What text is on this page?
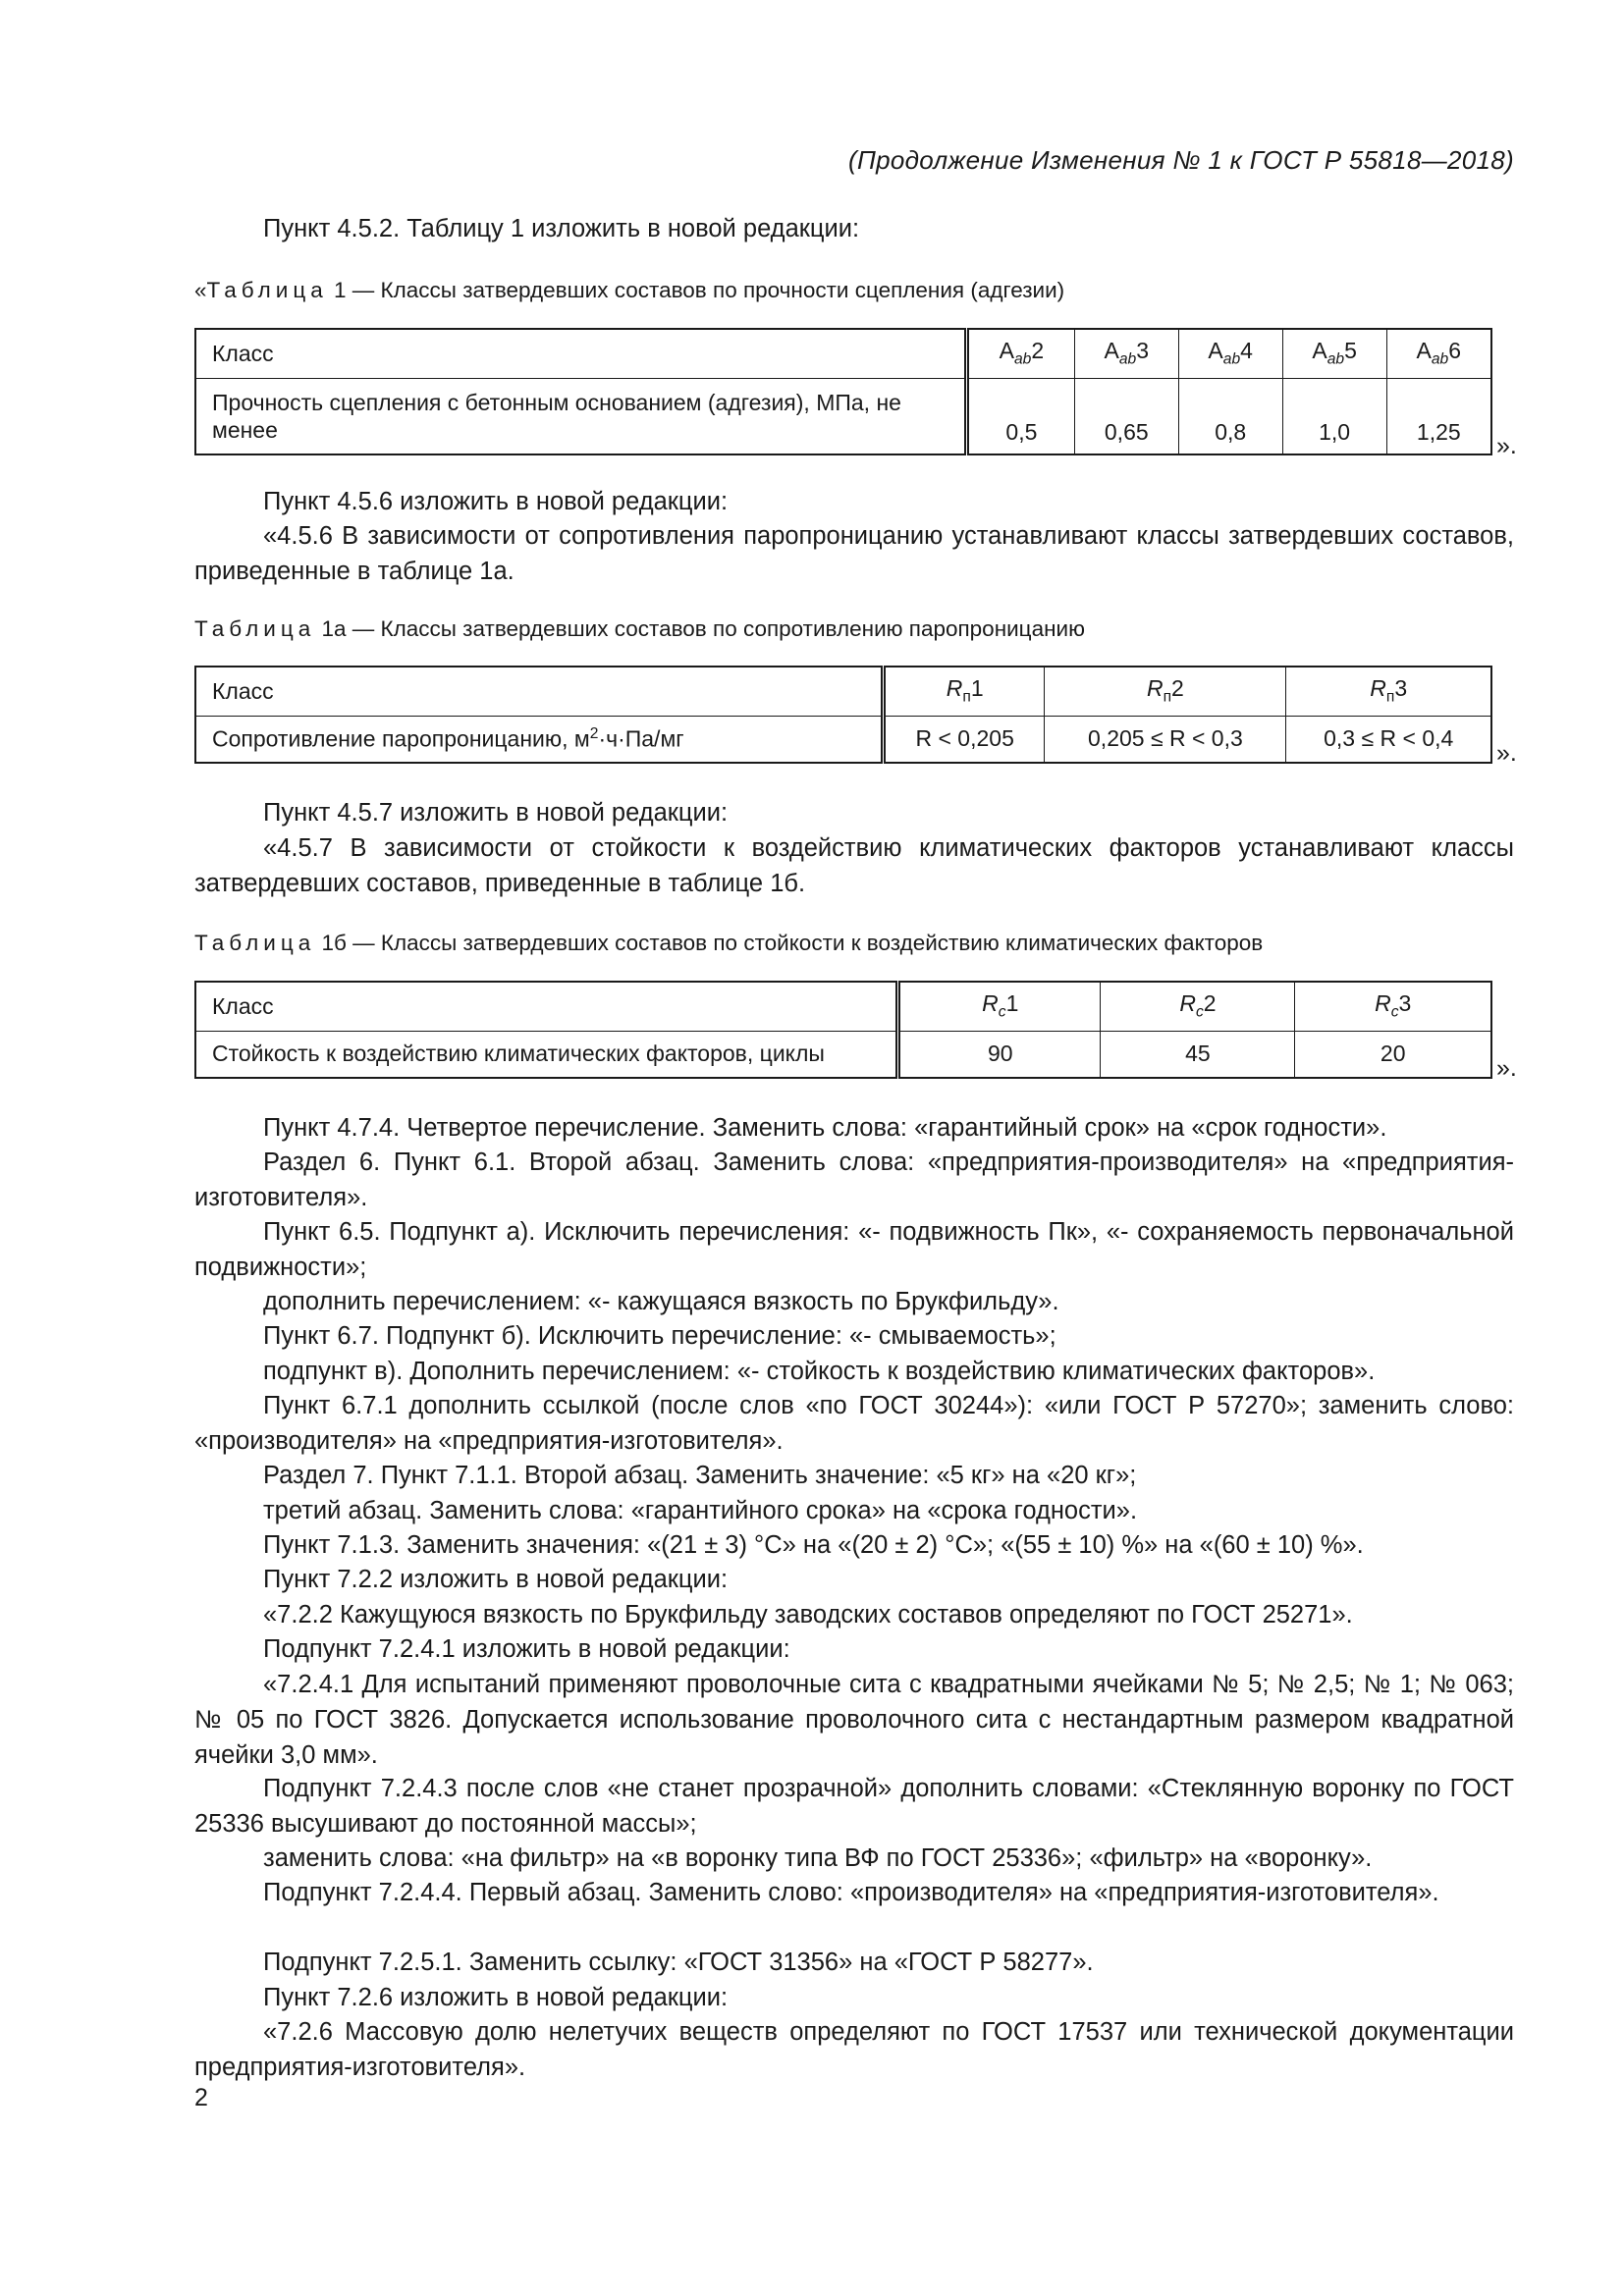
(Продолжение Изменения № 1 к ГОСТ Р 55818—2018)
Пункт 4.5.2. Таблицу 1 изложить в новой редакции:
«Таблица 1 — Классы затвердевших составов по прочности сцепления (адгезии)
Класс	$A_{ab}2$	$A_{ab}3$	$A_{ab}4$	$A_{ab}5$	$A_{ab}6$
Прочность сцепления с бетонным основанием (адгезия), МПа, не менее	0,5	0,65	0,8	1,0	1,25 ».
Пункт 4.5.6 изложить в новой редакции:
«4.5.6 В зависимости от сопротивления паропроницанию устанавливают классы затвердевших составов, приведенные в таблице 1а.
Таблица 1а — Классы затвердевших составов по сопротивлению паропроницанию
Класс	$R_п1$	$R_п2$	$R_п3$
Сопротивление паропроницанию, $м^2\cdot ч\cdot Па/мг$	R < 0,205	0,205 ≤ R < 0,3	0,3 ≤ R < 0,4
».
Пункт 4.5.7 изложить в новой редакции:
«4.5.7 В зависимости от стойкости к воздействию климатических факторов устанавливают классы затвердевших составов, приведенные в таблице 1б.
Таблица 1б — Классы затвердевших составов по стойкости к воздействию климатических факторов
Класс	$R_c1$	$R_c2$	$R_c3$
Стойкость к воздействию климатических факторов, циклы	90	45	20
».
Пункт 4.7.4. Четвертое перечисление. Заменить слова: «гарантийный срок» на «срок годности».
Раздел 6. Пункт 6.1. Второй абзац. Заменить слова: «предприятия-производителя» на «предприятия-изготовителя».
Пункт 6.5. Подпункт а). Исключить перечисления: «- подвижность Пк», «- сохраняемость первоначальной подвижности»;
дополнить перечислением: «- кажущаяся вязкость по Брукфильду».
Пункт 6.7. Подпункт б). Исключить перечисление: «- смываемость»;
подпункт в). Дополнить перечислением: «- стойкость к воздействию климатических факторов».
Пункт 6.7.1 дополнить ссылкой (после слов «по ГОСТ 30244»): «или ГОСТ Р 57270»; заменить слово: «производителя» на «предприятия-изготовителя».
Раздел 7. Пункт 7.1.1. Второй абзац. Заменить значение: «5 кг» на «20 кг»;
третий абзац. Заменить слова: «гарантийного срока» на «срока годности».
Пункт 7.1.3. Заменить значения: «(21 ± 3) °С» на «(20 ± 2) °С»; «(55 ± 10) %» на «(60 ± 10) %».
Пункт 7.2.2 изложить в новой редакции:
«7.2.2 Кажущуюся вязкость по Брукфильду заводских составов определяют по ГОСТ 25271».
Подпункт 7.2.4.1 изложить в новой редакции:
«7.2.4.1 Для испытаний применяют проволочные сита с квадратными ячейками № 5; № 2,5; № 1; № 063; № 05 по ГОСТ 3826. Допускается использование проволочного сита с нестандартным размером квадратной ячейки 3,0 мм».
Подпункт 7.2.4.3 после слов «не станет прозрачной» дополнить словами: «Стеклянную воронку по ГОСТ 25336 высушивают до постоянной массы»;
заменить слова: «на фильтр» на «в воронку типа ВФ по ГОСТ 25336»; «фильтр» на «воронку».
Подпункт 7.2.4.4. Первый абзац. Заменить слово: «производителя» на «предприятия-изготовителя».
Подпункт 7.2.5.1. Заменить ссылку: «ГОСТ 31356» на «ГОСТ Р 58277».
Пункт 7.2.6 изложить в новой редакции:
«7.2.6 Массовую долю нелетучих веществ определяют по ГОСТ 17537 или технической документации предприятия-изготовителя».
2
